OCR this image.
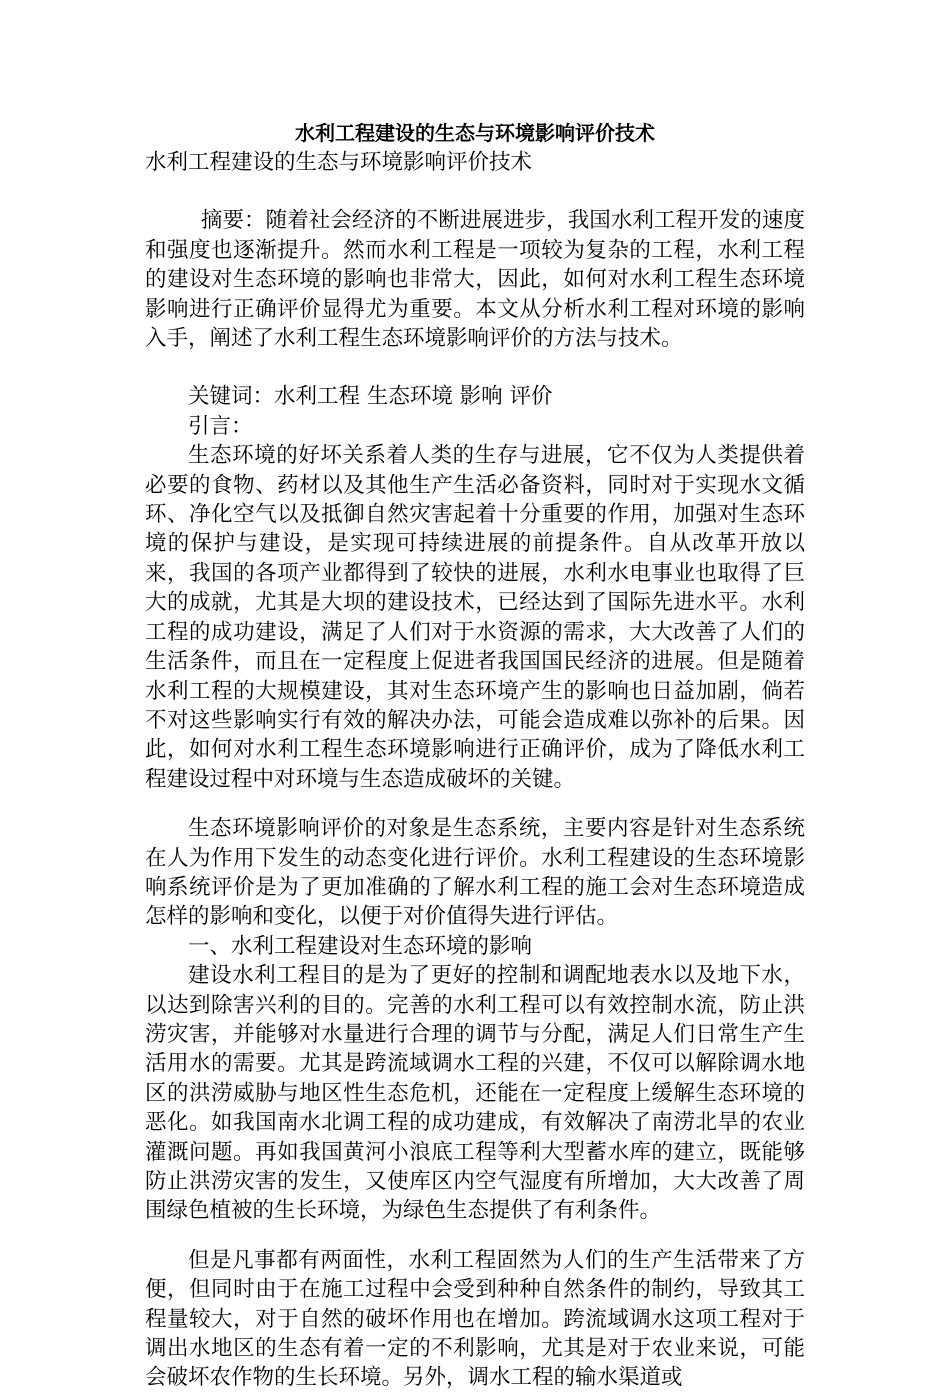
水利工程建设的生态与环境影响评价技术
水利工程建设的生态与环境影响评价技术

摘要：随着社会经济的不断进展进步，我国水利工程开发的速度和强度也逐渐提升。然而水利工程是一项较为复杂的工程，水利工程的建设对生态环境的影响也非常大，因此，如何对水利工程生态环境影响进行正确评价显得尤为重要。本文从分析水利工程对环境的影响入手，阐述了水利工程生态环境影响评价的方法与技术。

关键词：水利工程 生态环境 影响 评价

引言：

生态环境的好坏关系着人类的生存与进展，它不仅为人类提供着必要的食物、药材以及其他生产生活必备资料，同时对于实现水文循环、净化空气以及抵御自然灾害起着十分重要的作用，加强对生态环境的保护与建设，是实现可持续进展的前提条件。自从改革开放以来，我国的各项产业都得到了较快的进展，水利水电事业也取得了巨大的成就，尤其是大坝的建设技术，已经达到了国际先进水平。水利工程的成功建设，满足了人们对于水资源的需求，大大改善了人们的生活条件，而且在一定程度上促进者我国国民经济的进展。但是随着水利工程的大规模建设，其对生态环境产生的影响也日益加剧，倘若不对这些影响实行有效的解决办法，可能会造成难以弥补的后果。因此，如何对水利工程生态环境影响进行正确评价，成为了降低水利工程建设过程中对环境与生态造成破坏的关键。

生态环境影响评价的对象是生态系统，主要内容是针对生态系统在人为作用下发生的动态变化进行评价。水利工程建设的生态环境影响系统评价是为了更加准确的了解水利工程的施工会对生态环境造成怎样的影响和变化，以便于对价值得失进行评估。

一、水利工程建设对生态环境的影响

建设水利工程目的是为了更好的控制和调配地表水以及地下水，以达到除害兴利的目的。完善的水利工程可以有效控制水流，防止洪涝灾害，并能够对水量进行合理的调节与分配，满足人们日常生产生活用水的需要。尤其是跨流域调水工程的兴建，不仅可以解除调水地区的洪涝威胁与地区性生态危机，还能在一定程度上缓解生态环境的恶化。如我国南水北调工程的成功建成，有效解决了南涝北旱的农业灌溉问题。再如我国黄河小浪底工程等利大型蓄水库的建立，既能够防止洪涝灾害的发生，又使库区内空气湿度有所增加，大大改善了周围绿色植被的生长环境，为绿色生态提供了有利条件。

但是凡事都有两面性，水利工程固然为人们的生产生活带来了方便，但同时由于在施工过程中会受到种种自然条件的制约，导致其工程量较大，对于自然的破坏作用也在增加。跨流域调水这项工程对于调出水地区的生态有着一定的不利影响，尤其是对于农业来说，可能会破坏农作物的生长环境。另外，调水工程的输水渠道或
